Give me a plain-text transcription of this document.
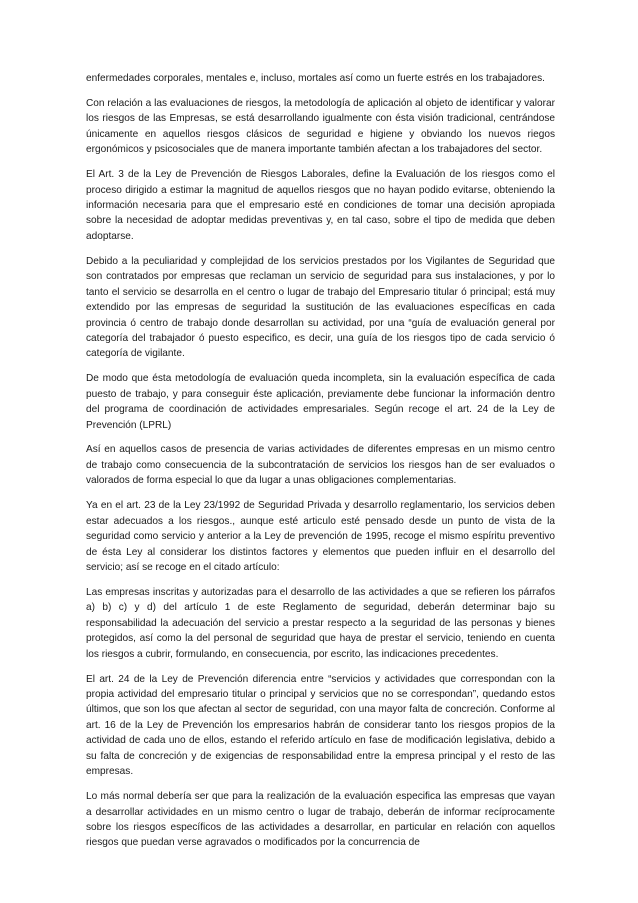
enfermedades corporales, mentales e, incluso, mortales así como un fuerte estrés en los trabajadores.

Con relación a las evaluaciones de riesgos, la metodología de aplicación al objeto de identificar y valorar los riesgos de las Empresas, se está desarrollando igualmente con ésta visión tradicional, centrándose únicamente en aquellos riesgos clásicos de seguridad e higiene y obviando los nuevos riegos ergonómicos y psicosociales que de manera importante también afectan a los trabajadores del sector.

El Art. 3 de la Ley de Prevención de Riesgos Laborales, define la Evaluación de los riesgos como el proceso dirigido a estimar la magnitud de aquellos riesgos que no hayan podido evitarse, obteniendo la información necesaria para que el empresario esté en condiciones de tomar una decisión apropiada sobre la necesidad de adoptar medidas preventivas y, en tal caso, sobre el tipo de medida que deben adoptarse.

Debido a la peculiaridad y complejidad de los servicios prestados por los Vigilantes de Seguridad que son contratados por empresas que reclaman un servicio de seguridad para sus instalaciones, y por lo tanto el servicio se desarrolla en el centro o lugar de trabajo del Empresario titular ó principal; está muy extendido por las empresas de seguridad la sustitución de las evaluaciones específicas en cada provincia ó centro de trabajo donde desarrollan su actividad, por una “guía de evaluación general por categoría del trabajador ó puesto especifico, es decir, una guía de los riesgos tipo de cada servicio ó categoría de vigilante.

De modo que ésta metodología de evaluación queda incompleta, sin la evaluación específica de cada puesto de trabajo, y para conseguir éste aplicación, previamente debe funcionar la información dentro del programa de coordinación de actividades empresariales. Según recoge el art. 24 de la Ley de Prevención (LPRL)

Así en aquellos casos de presencia de varias actividades de diferentes empresas en un mismo centro de trabajo como consecuencia de la subcontratación de servicios los riesgos han de ser evaluados o valorados de forma especial lo que da lugar a unas obligaciones complementarias.

Ya en el art. 23 de la Ley 23/1992 de Seguridad Privada y desarrollo reglamentario, los servicios deben estar adecuados a los riesgos., aunque esté articulo esté pensado desde un punto de vista de la seguridad como servicio y anterior a la Ley de prevención de 1995, recoge el mismo espíritu preventivo de ésta Ley al considerar los distintos factores y elementos que pueden influir en el desarrollo del servicio; así se recoge en el citado artículo:

Las empresas inscritas y autorizadas para el desarrollo de las actividades a que se refieren los párrafos a) b) c) y d) del artículo 1 de este Reglamento de seguridad, deberán determinar bajo su responsabilidad la adecuación del servicio a prestar respecto a la seguridad de las personas y bienes protegidos, así como la del personal de seguridad que haya de prestar el servicio, teniendo en cuenta los riesgos a cubrir, formulando, en consecuencia, por escrito, las indicaciones precedentes.

El art. 24 de la Ley de Prevención diferencia entre “servicios y actividades que correspondan con la propia actividad del empresario titular o principal y servicios que no se correspondan”, quedando estos últimos, que son los que afectan al sector de seguridad, con una mayor falta de concreción. Conforme al art. 16 de la Ley de Prevención los empresarios habrán de considerar tanto los riesgos propios de la actividad de cada uno de ellos, estando el referido artículo en fase de modificación legislativa, debido a su falta de concreción y de exigencias de responsabilidad entre la empresa principal y el resto de las empresas.

Lo más normal debería ser que para la realización de la evaluación especifica las empresas que vayan a desarrollar actividades en un mismo centro o lugar de trabajo, deberán de informar recíprocamente sobre los riesgos específicos de las actividades a desarrollar, en particular en relación con aquellos riesgos que puedan verse agravados o modificados por la concurrencia de
